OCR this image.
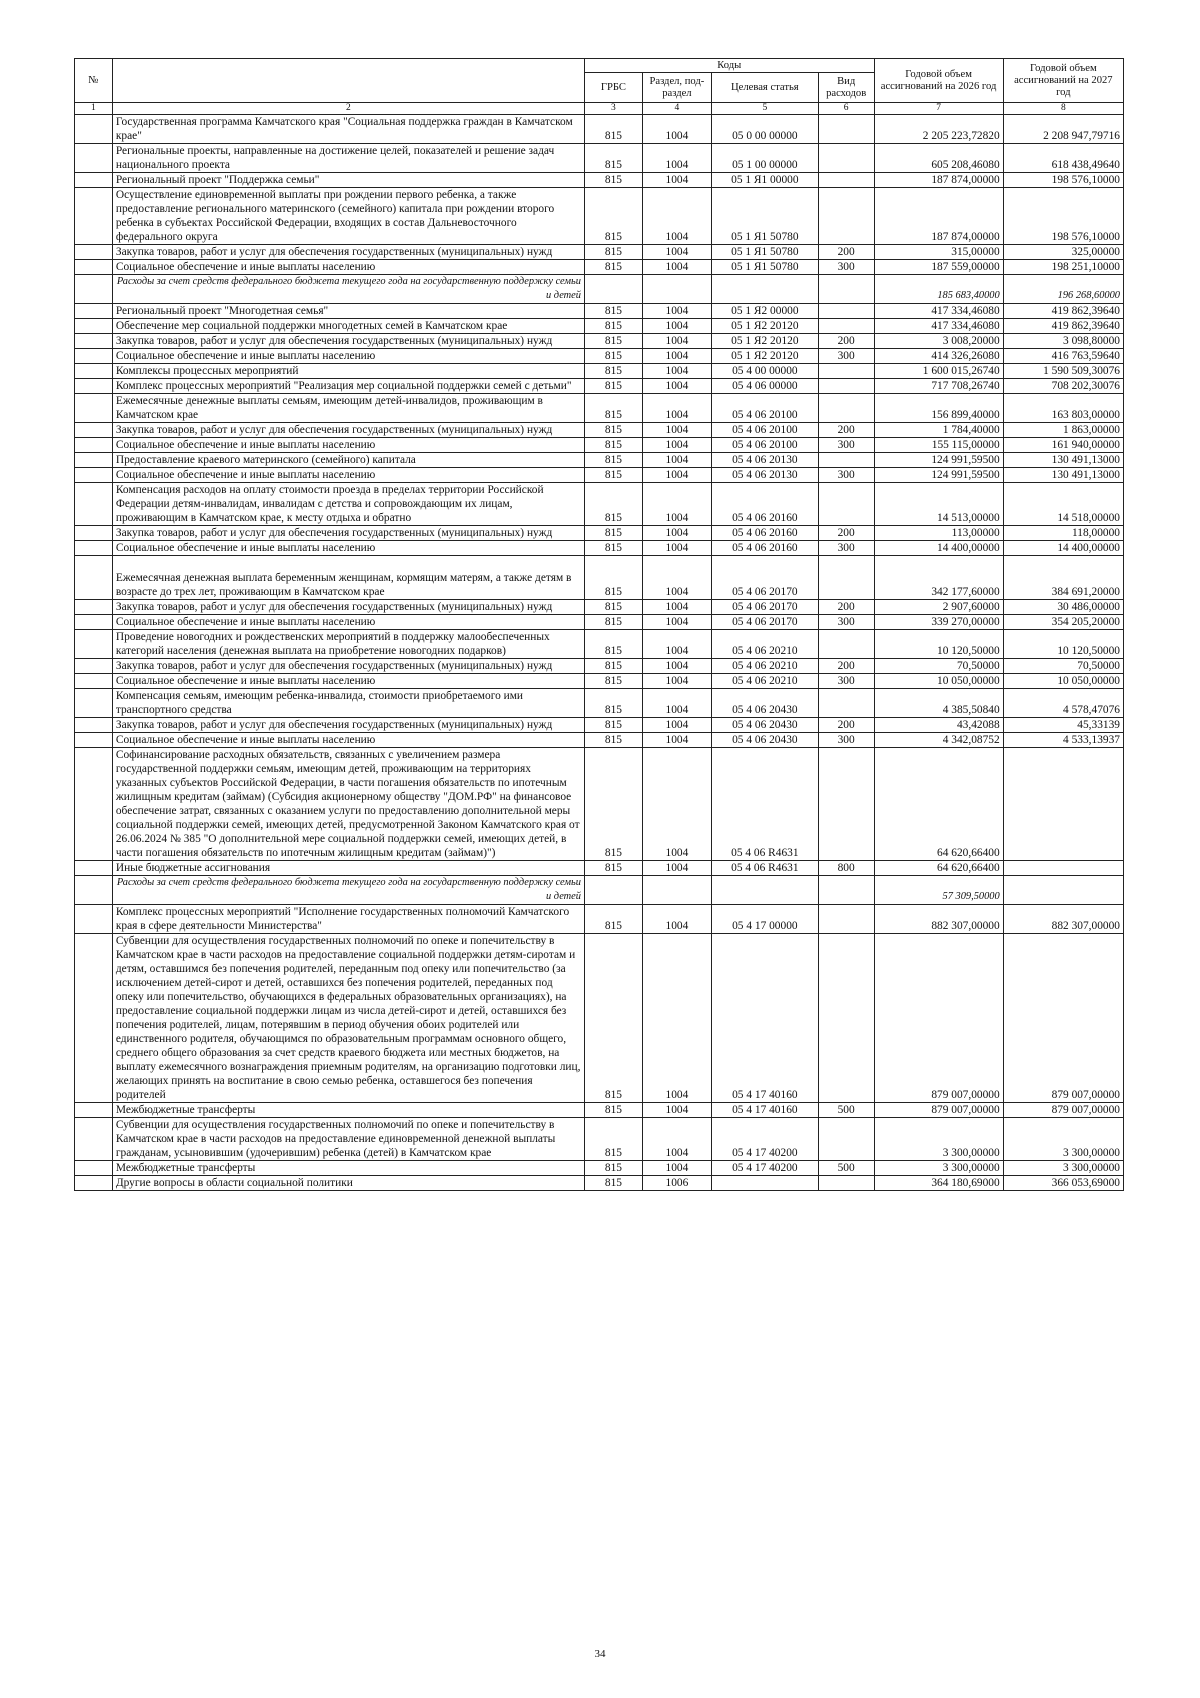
№		Коды				Годовой объем ассигнований на 2026 год	Годовой объем ассигнований на 2027 год
		ГРБС	Раздел, под-раздел	Целевая статья	Вид расходов		
1	2	3	4	5	6	7	8
	Государственная программа Камчатского края "Социальная поддержка граждан в Камчатском крае"	815	1004	05 0 00 00000		2 205 223,72820	2 208 947,79716
	Региональные проекты, направленные на достижение целей, показателей и решение задач национального проекта	815	1004	05 1 00 00000		605 208,46080	618 438,49640
	Региональный проект "Поддержка семьи"	815	1004	05 1 Я1 00000		187 874,00000	198 576,10000
	Осуществление единовременной выплаты при рождении первого ребенка, а также предоставление регионального материнского (семейного) капитала при рождении второго ребенка в субъектах Российской Федерации, входящих в состав Дальневосточного федерального округа	815	1004	05 1 Я1 50780		187 874,00000	198 576,10000
	Закупка товаров, работ и услуг для обеспечения государственных (муниципальных) нужд	815	1004	05 1 Я1 50780	200	315,00000	325,00000
	Социальное обеспечение и иные выплаты населению	815	1004	05 1 Я1 50780	300	187 559,00000	198 251,10000
	Расходы за счет средств федерального бюджета текущего года на государственную поддержку семьи и детей					185 683,40000	196 268,60000
	Региональный проект "Многодетная семья"	815	1004	05 1 Я2 00000		417 334,46080	419 862,39640
	Обеспечение мер социальной поддержки многодетных семей в Камчатском крае	815	1004	05 1 Я2 20120		417 334,46080	419 862,39640
	Закупка товаров, работ и услуг для обеспечения государственных (муниципальных) нужд	815	1004	05 1 Я2 20120	200	3 008,20000	3 098,80000
	Социальное обеспечение и иные выплаты населению	815	1004	05 1 Я2 20120	300	414 326,26080	416 763,59640
	Комплексы процессных мероприятий	815	1004	05 4 00 00000		1 600 015,26740	1 590 509,30076
	Комплекс процессных мероприятий "Реализация мер социальной поддержки семей с детьми"	815	1004	05 4 06 00000		717 708,26740	708 202,30076
	Ежемесячные денежные выплаты семьям, имеющим детей-инвалидов, проживающим в Камчатском крае	815	1004	05 4 06 20100		156 899,40000	163 803,00000
	Закупка товаров, работ и услуг для обеспечения государственных (муниципальных) нужд	815	1004	05 4 06 20100	200	1 784,40000	1 863,00000
	Социальное обеспечение и иные выплаты населению	815	1004	05 4 06 20100	300	155 115,00000	161 940,00000
	Предоставление краевого материнского (семейного) капитала	815	1004	05 4 06 20130		124 991,59500	130 491,13000
	Социальное обеспечение и иные выплаты населению	815	1004	05 4 06 20130	300	124 991,59500	130 491,13000
	Компенсация расходов на оплату стоимости проезда в пределах территории Российской Федерации детям-инвалидам, инвалидам с детства и сопровождающим их лицам, проживающим в Камчатском крае, к месту отдыха и обратно	815	1004	05 4 06 20160		14 513,00000	14 518,00000
	Закупка товаров, работ и услуг для обеспечения государственных (муниципальных) нужд	815	1004	05 4 06 20160	200	113,00000	118,00000
	Социальное обеспечение и иные выплаты населению	815	1004	05 4 06 20160	300	14 400,00000	14 400,00000
	Ежемесячная денежная выплата беременным женщинам, кормящим матерям, а также детям в возрасте до трех лет, проживающим в Камчатском крае	815	1004	05 4 06 20170		342 177,60000	384 691,20000
	Закупка товаров, работ и услуг для обеспечения государственных (муниципальных) нужд	815	1004	05 4 06 20170	200	2 907,60000	30 486,00000
	Социальное обеспечение и иные выплаты населению	815	1004	05 4 06 20170	300	339 270,00000	354 205,20000
	Проведение новогодних и рождественских мероприятий в поддержку малообеспеченных категорий населения (денежная выплата на приобретение новогодних подарков)	815	1004	05 4 06 20210		10 120,50000	10 120,50000
	Закупка товаров, работ и услуг для обеспечения государственных (муниципальных) нужд	815	1004	05 4 06 20210	200	70,50000	70,50000
	Социальное обеспечение и иные выплаты населению	815	1004	05 4 06 20210	300	10 050,00000	10 050,00000
	Компенсация семьям, имеющим ребенка-инвалида, стоимости приобретаемого ими транспортного средства	815	1004	05 4 06 20430		4 385,50840	4 578,47076
	Закупка товаров, работ и услуг для обеспечения государственных (муниципальных) нужд	815	1004	05 4 06 20430	200	43,42088	45,33139
	Социальное обеспечение и иные выплаты населению	815	1004	05 4 06 20430	300	4 342,08752	4 533,13937
	Софинансирование расходных обязательств, связанных с увеличением размера государственной поддержки семьям, имеющим детей, проживающим на территориях указанных субъектов Российской Федерации, в части погашения обязательств по ипотечным жилищным кредитам (займам) (Субсидия акционерному обществу "ДОМ.РФ" на финансовое обеспечение затрат, связанных с оказанием услуги по предоставлению дополнительной меры социальной поддержки семей, имеющих детей, предусмотренной Законом Камчатского края от 26.06.2024 № 385 "О дополнительной мере социальной поддержки семей, имеющих детей, в части погашения обязательств по ипотечным жилищным кредитам (займам)")	815	1004	05 4 06 R4631		64 620,66400	
	Иные бюджетные ассигнования	815	1004	05 4 06 R4631	800	64 620,66400	
	Расходы за счет средств федерального бюджета текущего года на государственную поддержку семьи и детей					57 309,50000	
	Комплекс процессных мероприятий "Исполнение государственных полномочий Камчатского края в сфере деятельности Министерства"	815	1004	05 4 17 00000		882 307,00000	882 307,00000
	Субвенции для осуществления государственных полномочий по опеке и попечительству в Камчатском крае в части расходов на предоставление социальной поддержки детям-сиротам и детям, оставшимся без попечения родителей, переданным под опеку или попечительство (за исключением детей-сирот и детей, оставшихся без попечения родителей, переданных под опеку или попечительство, обучающихся в федеральных образовательных организациях), на предоставление социальной поддержки лицам из числа детей-сирот и детей, оставшихся без попечения родителей, лицам, потерявшим в период обучения обоих родителей или единственного родителя, обучающимся по образовательным программам основного общего, среднего общего образования за счет средств краевого бюджета или местных бюджетов, на выплату ежемесячного вознаграждения приемным родителям, на организацию подготовки лиц, желающих принять на воспитание в свою семью ребенка, оставшегося без попечения родителей	815	1004	05 4 17 40160		879 007,00000	879 007,00000
	Межбюджетные трансферты	815	1004	05 4 17 40160	500	879 007,00000	879 007,00000
	Субвенции для осуществления государственных полномочий по опеке и попечительству в Камчатском крае в части расходов на предоставление единовременной денежной выплаты гражданам, усыновившим (удочерившим) ребенка (детей) в Камчатском крае	815	1004	05 4 17 40200		3 300,00000	3 300,00000
	Межбюджетные трансферты	815	1004	05 4 17 40200	500	3 300,00000	3 300,00000
	Другие вопросы в области социальной политики	815	1006			364 180,69000	366 053,69000
34
